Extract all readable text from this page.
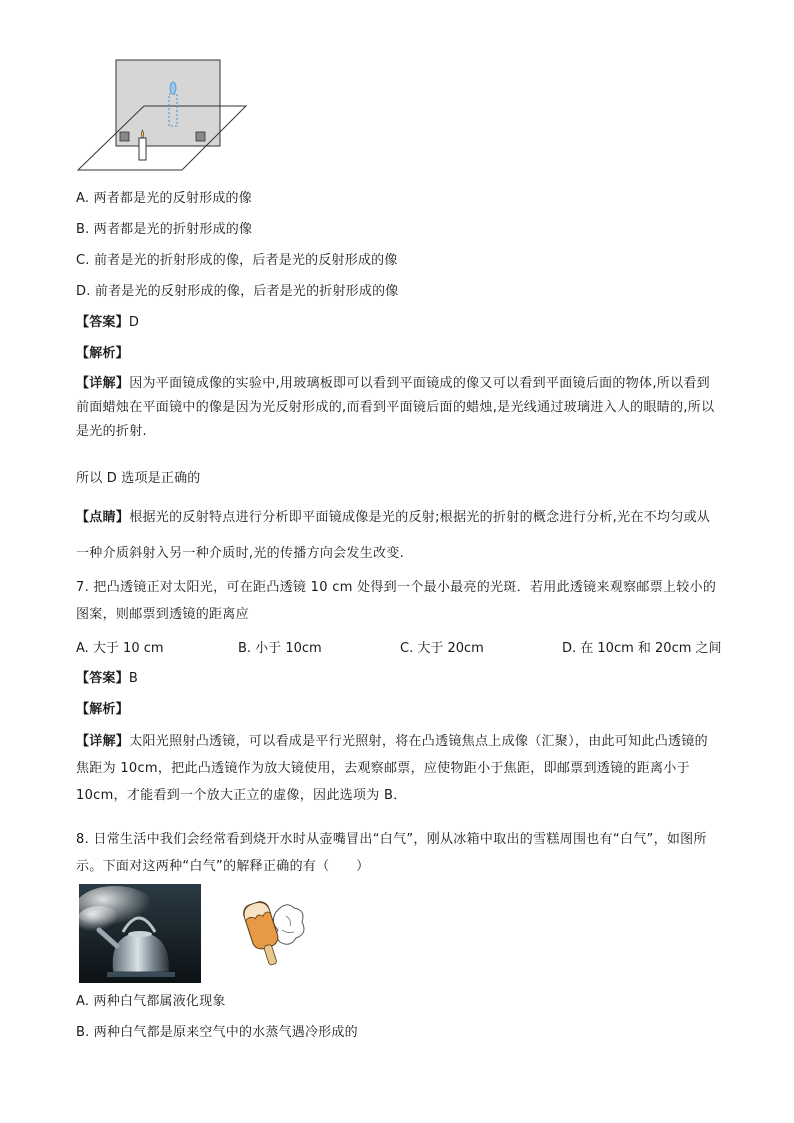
A. 两者都是光的反射形成的像
B. 两者都是光的折射形成的像
C. 前者是光的折射形成的像，后者是光的反射形成的像
D. 前者是光的反射形成的像，后者是光的折射形成的像
【答案】D
【解析】
【详解】因为平面镜成像的实验中,用玻璃板即可以看到平面镜成的像又可以看到平面镜后面的物体,所以看到前面蜡烛在平面镜中的像是因为光反射形成的,而看到平面镜后面的蜡烛,是光线通过玻璃进入人的眼睛的,所以是光的折射.
所以 D 选项是正确的
【点睛】根据光的反射特点进行分析即平面镜成像是光的反射;根据光的折射的概念进行分析,光在不均匀或从一种介质斜射入另一种介质时,光的传播方向会发生改变.
7. 把凸透镜正对太阳光，可在距凸透镜 10 cm 处得到一个最小最亮的光斑．若用此透镜来观察邮票上较小的图案，则邮票到透镜的距离应
A. 大于 10 cm	B. 小于 10cm	C. 大于 20cm	D. 在 10cm 和 20cm 之间
【答案】B
【解析】
【详解】太阳光照射凸透镜，可以看成是平行光照射，将在凸透镜焦点上成像（汇聚），由此可知此凸透镜的焦距为 10cm，把此凸透镜作为放大镜使用，去观察邮票，应使物距小于焦距，即邮票到透镜的距离小于 10cm，才能看到一个放大正立的虚像，因此选项为 B．
8. 日常生活中我们会经常看到烧开水时从壶嘴冒出“白气”，刚从冰箱中取出的雪糕周围也有“白气”，如图所示。下面对这两种“白气”的解释正确的有（　　）
A. 两种白气都属液化现象
B. 两种白气都是原来空气中的水蒸气遇冷形成的
